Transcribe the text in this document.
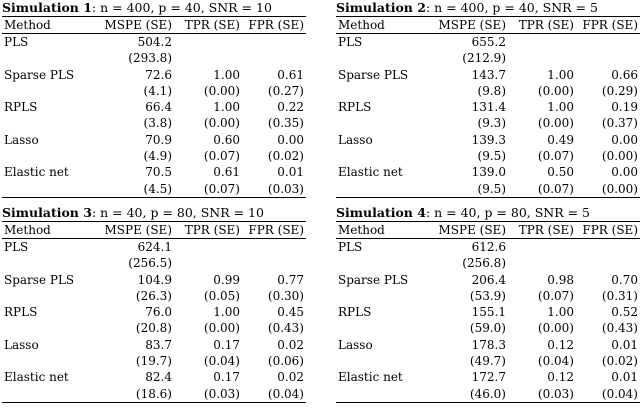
Simulation 1: n = 400, p = 40, SNR = 10
Method	MSPE (SE)	TPR (SE)	FPR (SE)
PLS	504.2		
	(293.8)		
Sparse PLS	72.6	1.00	0.61
	(4.1)	(0.00)	(0.27)
RPLS	66.4	1.00	0.22
	(3.8)	(0.00)	(0.35)
Lasso	70.9	0.60	0.00
	(4.9)	(0.07)	(0.02)
Elastic net	70.5	0.61	0.01
	(4.5)	(0.07)	(0.03)
Simulation 2: n = 400, p = 40, SNR = 5
Method	MSPE (SE)	TPR (SE)	FPR (SE)
PLS	655.2		
	(212.9)		
Sparse PLS	143.7	1.00	0.66
	(9.8)	(0.00)	(0.29)
RPLS	131.4	1.00	0.19
	(9.3)	(0.00)	(0.37)
Lasso	139.3	0.49	0.00
	(9.5)	(0.07)	(0.00)
Elastic net	139.0	0.50	0.00
	(9.5)	(0.07)	(0.00)
Simulation 3: n = 40, p = 80, SNR = 10
Method	MSPE (SE)	TPR (SE)	FPR (SE)
PLS	624.1		
	(256.5)		
Sparse PLS	104.9	0.99	0.77
	(26.3)	(0.05)	(0.30)
RPLS	76.0	1.00	0.45
	(20.8)	(0.00)	(0.43)
Lasso	83.7	0.17	0.02
	(19.7)	(0.04)	(0.06)
Elastic net	82.4	0.17	0.02
	(18.6)	(0.03)	(0.04)
Simulation 4: n = 40, p = 80, SNR = 5
Method	MSPE (SE)	TPR (SE)	FPR (SE)
PLS	612.6		
	(256.8)		
Sparse PLS	206.4	0.98	0.70
	(53.9)	(0.07)	(0.31)
RPLS	155.1	1.00	0.52
	(59.0)	(0.00)	(0.43)
Lasso	178.3	0.12	0.01
	(49.7)	(0.04)	(0.02)
Elastic net	172.7	0.12	0.01
	(46.0)	(0.03)	(0.04)
